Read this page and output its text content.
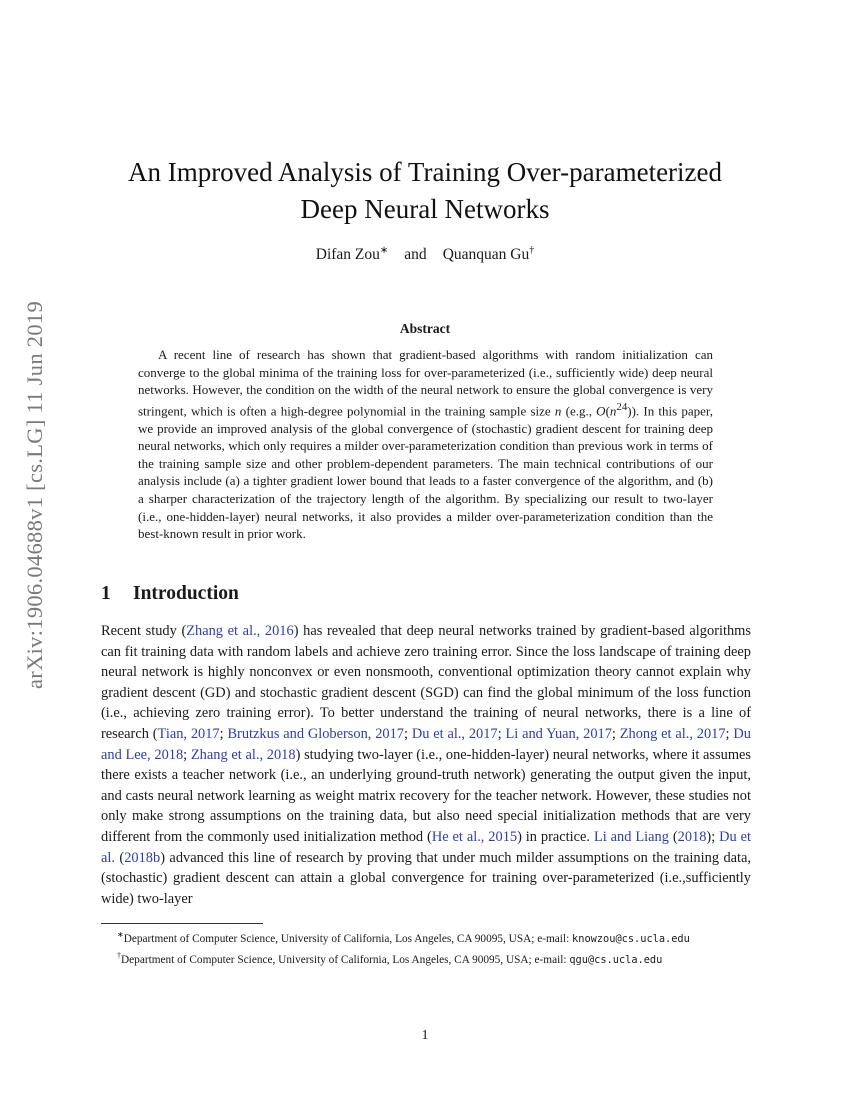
arXiv:1906.04688v1 [cs.LG] 11 Jun 2019
An Improved Analysis of Training Over-parameterized
Deep Neural Networks
Difan Zou∗ and Quanquan Gu†
Abstract

A recent line of research has shown that gradient-based algorithms with random initialization can converge to the global minima of the training loss for over-parameterized (i.e., sufficiently wide) deep neural networks. However, the condition on the width of the neural network to ensure the global convergence is very stringent, which is often a high-degree polynomial in the training sample size n (e.g., $O(n^{24})$). In this paper, we provide an improved analysis of the global convergence of (stochastic) gradient descent for training deep neural networks, which only requires a milder over-parameterization condition than previous work in terms of the training sample size and other problem-dependent parameters. The main technical contributions of our analysis include (a) a tighter gradient lower bound that leads to a faster convergence of the algorithm, and (b) a sharper characterization of the trajectory length of the algorithm. By specializing our result to two-layer (i.e., one-hidden-layer) neural networks, it also provides a milder over-parameterization condition than the best-known result in prior work.

1 Introduction

Recent study (Zhang et al., 2016) has revealed that deep neural networks trained by gradient-based algorithms can fit training data with random labels and achieve zero training error. Since the loss landscape of training deep neural network is highly nonconvex or even nonsmooth, conventional optimization theory cannot explain why gradient descent (GD) and stochastic gradient descent (SGD) can find the global minimum of the loss function (i.e., achieving zero training error). To better understand the training of neural networks, there is a line of research (Tian, 2017; Brutzkus and Globerson, 2017; Du et al., 2017; Li and Yuan, 2017; Zhong et al., 2017; Du and Lee, 2018; Zhang et al., 2018) studying two-layer (i.e., one-hidden-layer) neural networks, where it assumes there exists a teacher network (i.e., an underlying ground-truth network) generating the output given the input, and casts neural network learning as weight matrix recovery for the teacher network. However, these studies not only make strong assumptions on the training data, but also need special initialization methods that are very different from the commonly used initialization method (He et al., 2015) in practice. Li and Liang (2018); Du et al. (2018b) advanced this line of research by proving that under much milder assumptions on the training data, (stochastic) gradient descent can attain a global convergence for training over-parameterized (i.e.,sufficiently wide) two-layer

∗Department of Computer Science, University of California, Los Angeles, CA 90095, USA; e-mail: knowzou@cs.ucla.edu

†Department of Computer Science, University of California, Los Angeles, CA 90095, USA; e-mail: qgu@cs.ucla.edu

1
